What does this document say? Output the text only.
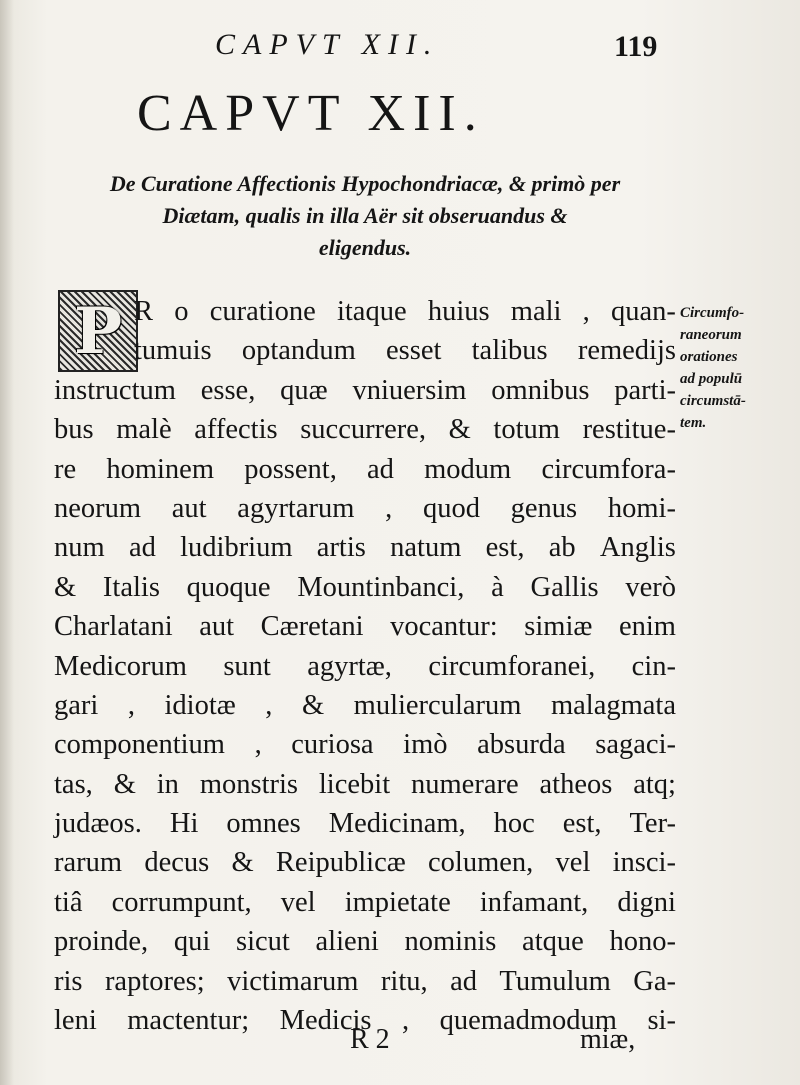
CAPVT XII.	119
CAPVT XII.
De Curatione Affectionis Hypochondriacæ, & primò per
Diætam, qualis in illa Aër sit obseruandus &
eligendus.
P R o curatione itaque huius mali , quan-
tumuis optandum esset talibus remedijs
instructum esse, quæ vniuersim omnibus parti-
bus malè affectis succurrere, & totum restitue-
re hominem possent, ad modum circumfora-
neorum aut agyrtarum , quod genus homi-
num ad ludibrium artis natum est, ab Anglis
& Italis quoque Mountinbanci, à Gallis verò
Charlatani aut Cæretani vocantur: simiæ enim
Medicorum sunt agyrtæ, circumforanei, cin-
gari , idiotæ , & muliercularum malagmata
componentium , curiosa imò absurda sagaci-
tas, & in monstris licebit numerare atheos atq;
judæos. Hi omnes Medicinam, hoc est, Ter-
rarum decus & Reipublicæ columen, vel insci-
tiâ corrumpunt, vel impietate infamant, digni
proinde, qui sicut alieni nominis atque hono-
ris raptores; victimarum ritu, ad Tumulum Ga-
leni mactentur; Medicis , quemadmodum si-
Circumfo-
raneorum
orationes
ad populū
circumstā-
tem.
R 2	miæ,
